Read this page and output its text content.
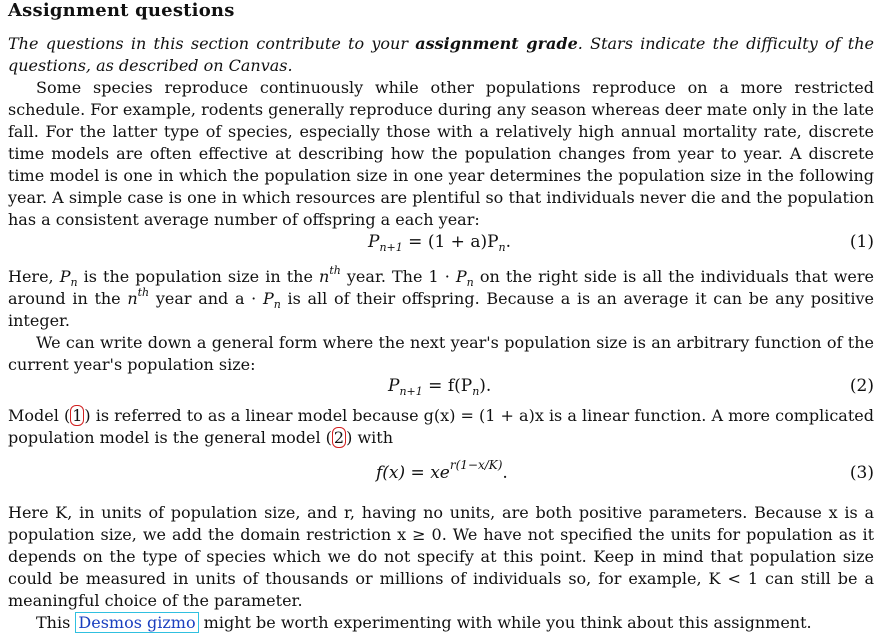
Assignment questions

The questions in this section contribute to your assignment grade. Stars indicate the difficulty of the questions, as described on Canvas.

Some species reproduce continuously while other populations reproduce on a more restricted schedule. For example, rodents generally reproduce during any season whereas deer mate only in the late fall. For the latter type of species, especially those with a relatively high annual mortality rate, discrete time models are often effective at describing how the population changes from year to year. A discrete time model is one in which the population size in one year determines the population size in the following year. A simple case is one in which resources are plentiful so that individuals never die and the population has a consistent average number of offspring a each year:

$P_{n+1} = (1 + a)P_n$.	(1)

Here, $P_n$ is the population size in the $n^{th}$ year. The $1 \cdot P_n$ on the right side is all the individuals that were around in the $n^{th}$ year and $a \cdot P_n$ is all of their offspring. Because a is an average it can be any positive integer.

We can write down a general form where the next year's population size is an arbitrary function of the current year's population size:

$P_{n+1} = f(P_n)$.	(2)

Model ( 1 ) is referred to as a linear model because g(x) = (1 + a)x is a linear function. A more complicated population model is the general model ( 2 ) with

$f(x) = xe^{r(1-x/K)}$.	(3)

Here K, in units of population size, and r, having no units, are both positive parameters. Because x is a population size, we add the domain restriction x ≥ 0. We have not specified the units for population as it depends on the type of species which we do not specify at this point. Keep in mind that population size could be measured in units of thousands or millions of individuals so, for example, K < 1 can still be a meaningful choice of the parameter.

This Desmos gizmo might be worth experimenting with while you think about this assignment.
